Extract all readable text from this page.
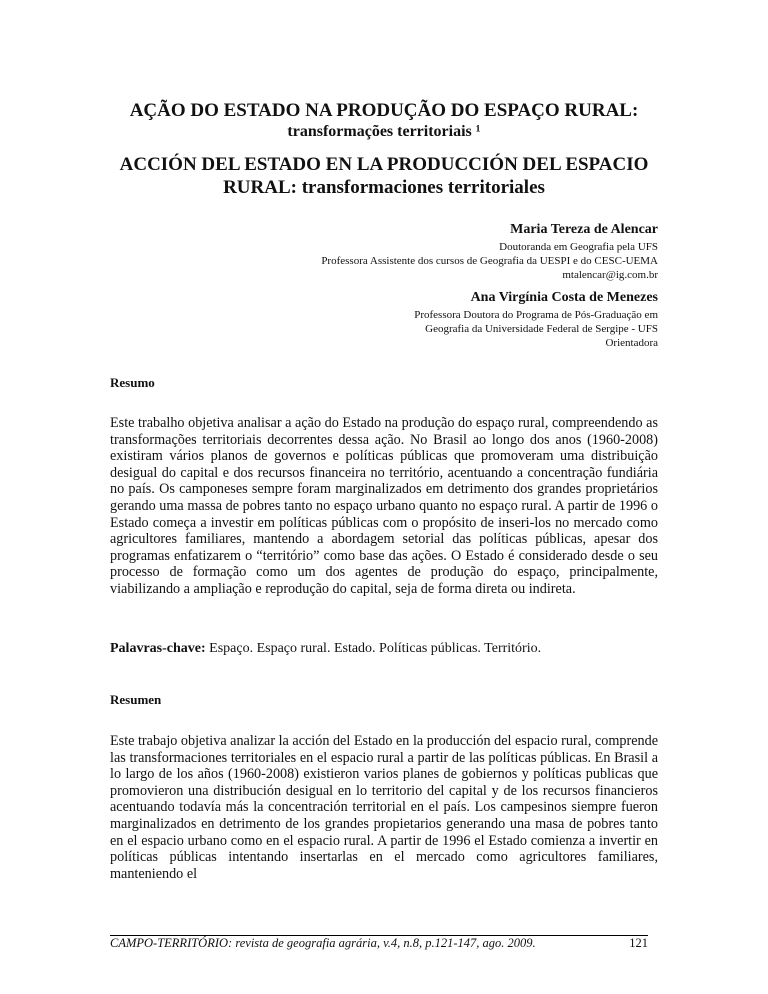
AÇÃO DO ESTADO NA PRODUÇÃO DO ESPAÇO RURAL:
transformações territoriais ¹
ACCIÓN DEL ESTADO EN LA PRODUCCIÓN DEL ESPACIO
RURAL: transformaciones territoriales
Maria Tereza de Alencar
Doutoranda em Geografia pela UFS
Professora Assistente dos cursos de Geografia da UESPI e do CESC-UEMA
mtalencar@ig.com.br
Ana Virgínia Costa de Menezes
Professora Doutora do Programa de Pós-Graduação em
Geografia da Universidade Federal de Sergipe - UFS
Orientadora
Resumo

Este trabalho objetiva analisar a ação do Estado na produção do espaço rural, compreendendo as transformações territoriais decorrentes dessa ação. No Brasil ao longo dos anos (1960-2008) existiram vários planos de governos e políticas públicas que promoveram uma distribuição desigual do capital e dos recursos financeira no território, acentuando a concentração fundiária no país. Os camponeses sempre foram marginalizados em detrimento dos grandes proprietários gerando uma massa de pobres tanto no espaço urbano quanto no espaço rural. A partir de 1996 o Estado começa a investir em políticas públicas com o propósito de inseri-los no mercado como agricultores familiares, mantendo a abordagem setorial das políticas públicas, apesar dos programas enfatizarem o “território” como base das ações. O Estado é considerado desde o seu processo de formação como um dos agentes de produção do espaço, principalmente, viabilizando a ampliação e reprodução do capital, seja de forma direta ou indireta.

Palavras-chave: Espaço. Espaço rural. Estado. Políticas públicas. Território.
Resumen

Este trabajo objetiva analizar la acción del Estado en la producción del espacio rural, comprende las transformaciones territoriales en el espacio rural a partir de las políticas públicas. En Brasil a lo largo de los años (1960-2008) existieron varios planes de gobiernos y políticas publicas que promovieron una distribución desigual en lo territorio del capital y de los recursos financieros acentuando todavía más la concentración territorial en el país. Los campesinos siempre fueron marginalizados en detrimento de los grandes propietarios generando una masa de pobres tanto en el espacio urbano como en el espacio rural. A partir de 1996 el Estado comienza a invertir en políticas públicas intentando insertarlas en el mercado como agricultores familiares, manteniendo el

CAMPO-TERRITÓRIO: revista de geografia agrária, v.4, n.8, p.121-147, ago. 2009.	121
